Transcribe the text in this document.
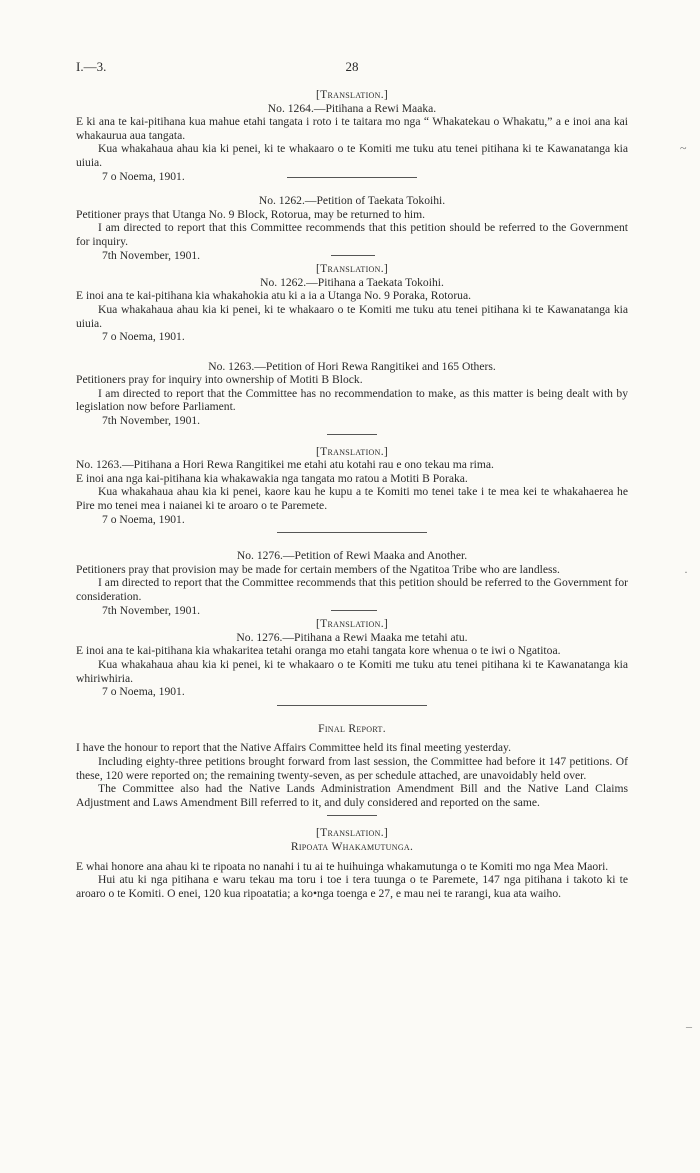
I.—3.	28
[Translation.]
No. 1264.—Pitihana a Rewi Maaka.

E ki ana te kai-pitihana kua mahue etahi tangata i roto i te taitara mo nga “ Whakatekau o Whakatu,” a e inoi ana kai whakaurua aua tangata.

Kua whakahaua ahau kia ki penei, ki te whakaaro o te Komiti me tuku atu tenei pitihana ki te Kawanatanga kia uiuia.

7 o Noema, 1901.
No. 1262.—Petition of Taekata Tokoihi.

Petitioner prays that Utanga No. 9 Block, Rotorua, may be returned to him.

I am directed to report that this Committee recommends that this petition should be referred to the Government for inquiry.

7th November, 1901.
[Translation.]
No. 1262.—Pitihana a Taekata Tokoihi.

E inoi ana te kai-pitihana kia whakahokia atu ki a ia a Utanga No. 9 Poraka, Rotorua.

Kua whakahaua ahau kia ki penei, ki te whakaaro o te Komiti me tuku atu tenei pitihana ki te Kawanatanga kia uiuia.

7 o Noema, 1901.
No. 1263.—Petition of Hori Rewa Rangitikei and 165 Others.

Petitioners pray for inquiry into ownership of Motiti B Block.

I am directed to report that the Committee has no recommendation to make, as this matter is being dealt with by legislation now before Parliament.

7th November, 1901.
[Translation.]

No. 1263.—Pitihana a Hori Rewa Rangitikei me etahi atu kotahi rau e ono tekau ma rima.

E inoi ana nga kai-pitihana kia whakawakia nga tangata mo ratou a Motiti B Poraka.

Kua whakahaua ahau kia ki penei, kaore kau he kupu a te Komiti mo tenei take i te mea kei te whakahaerea he Pire mo tenei mea i naianei ki te aroaro o te Paremete.

7 o Noema, 1901.
No. 1276.—Petition of Rewi Maaka and Another.

Petitioners pray that provision may be made for certain members of the Ngatitoa Tribe who are landless.

I am directed to report that the Committee recommends that this petition should be referred to the Government for consideration.

7th November, 1901.
[Translation.]
No. 1276.—Pitihana a Rewi Maaka me tetahi atu.

E inoi ana te kai-pitihana kia whakaritea tetahi oranga mo etahi tangata kore whenua o te iwi o Ngatitoa.

Kua whakahaua ahau kia ki penei, ki te whakaaro o te Komiti me tuku atu tenei pitihana ki te Kawanatanga kia whiriwhiria.

7 o Noema, 1901.
Final Report.

I have the honour to report that the Native Affairs Committee held its final meeting yesterday.

Including eighty-three petitions brought forward from last session, the Committee had before it 147 petitions. Of these, 120 were reported on; the remaining twenty-seven, as per schedule attached, are unavoidably held over.

The Committee also had the Native Lands Administration Amendment Bill and the Native Land Claims Adjustment and Laws Amendment Bill referred to it, and duly considered and reported on the same.

[Translation.]
Ripoata Whakamutunga.

E whai honore ana ahau ki te ripoata no nanahi i tu ai te huihuinga whakamutunga o te Komiti mo nga Mea Maori.

Hui atu ki nga pitihana e waru tekau ma toru i toe i tera tuunga o te Paremete, 147 nga pitihana i takoto ki te aroaro o te Komiti. O enei, 120 kua ripoatatia; a ko•nga toenga e 27, e mau nei te rarangi, kua ata waiho.

~
·
–
